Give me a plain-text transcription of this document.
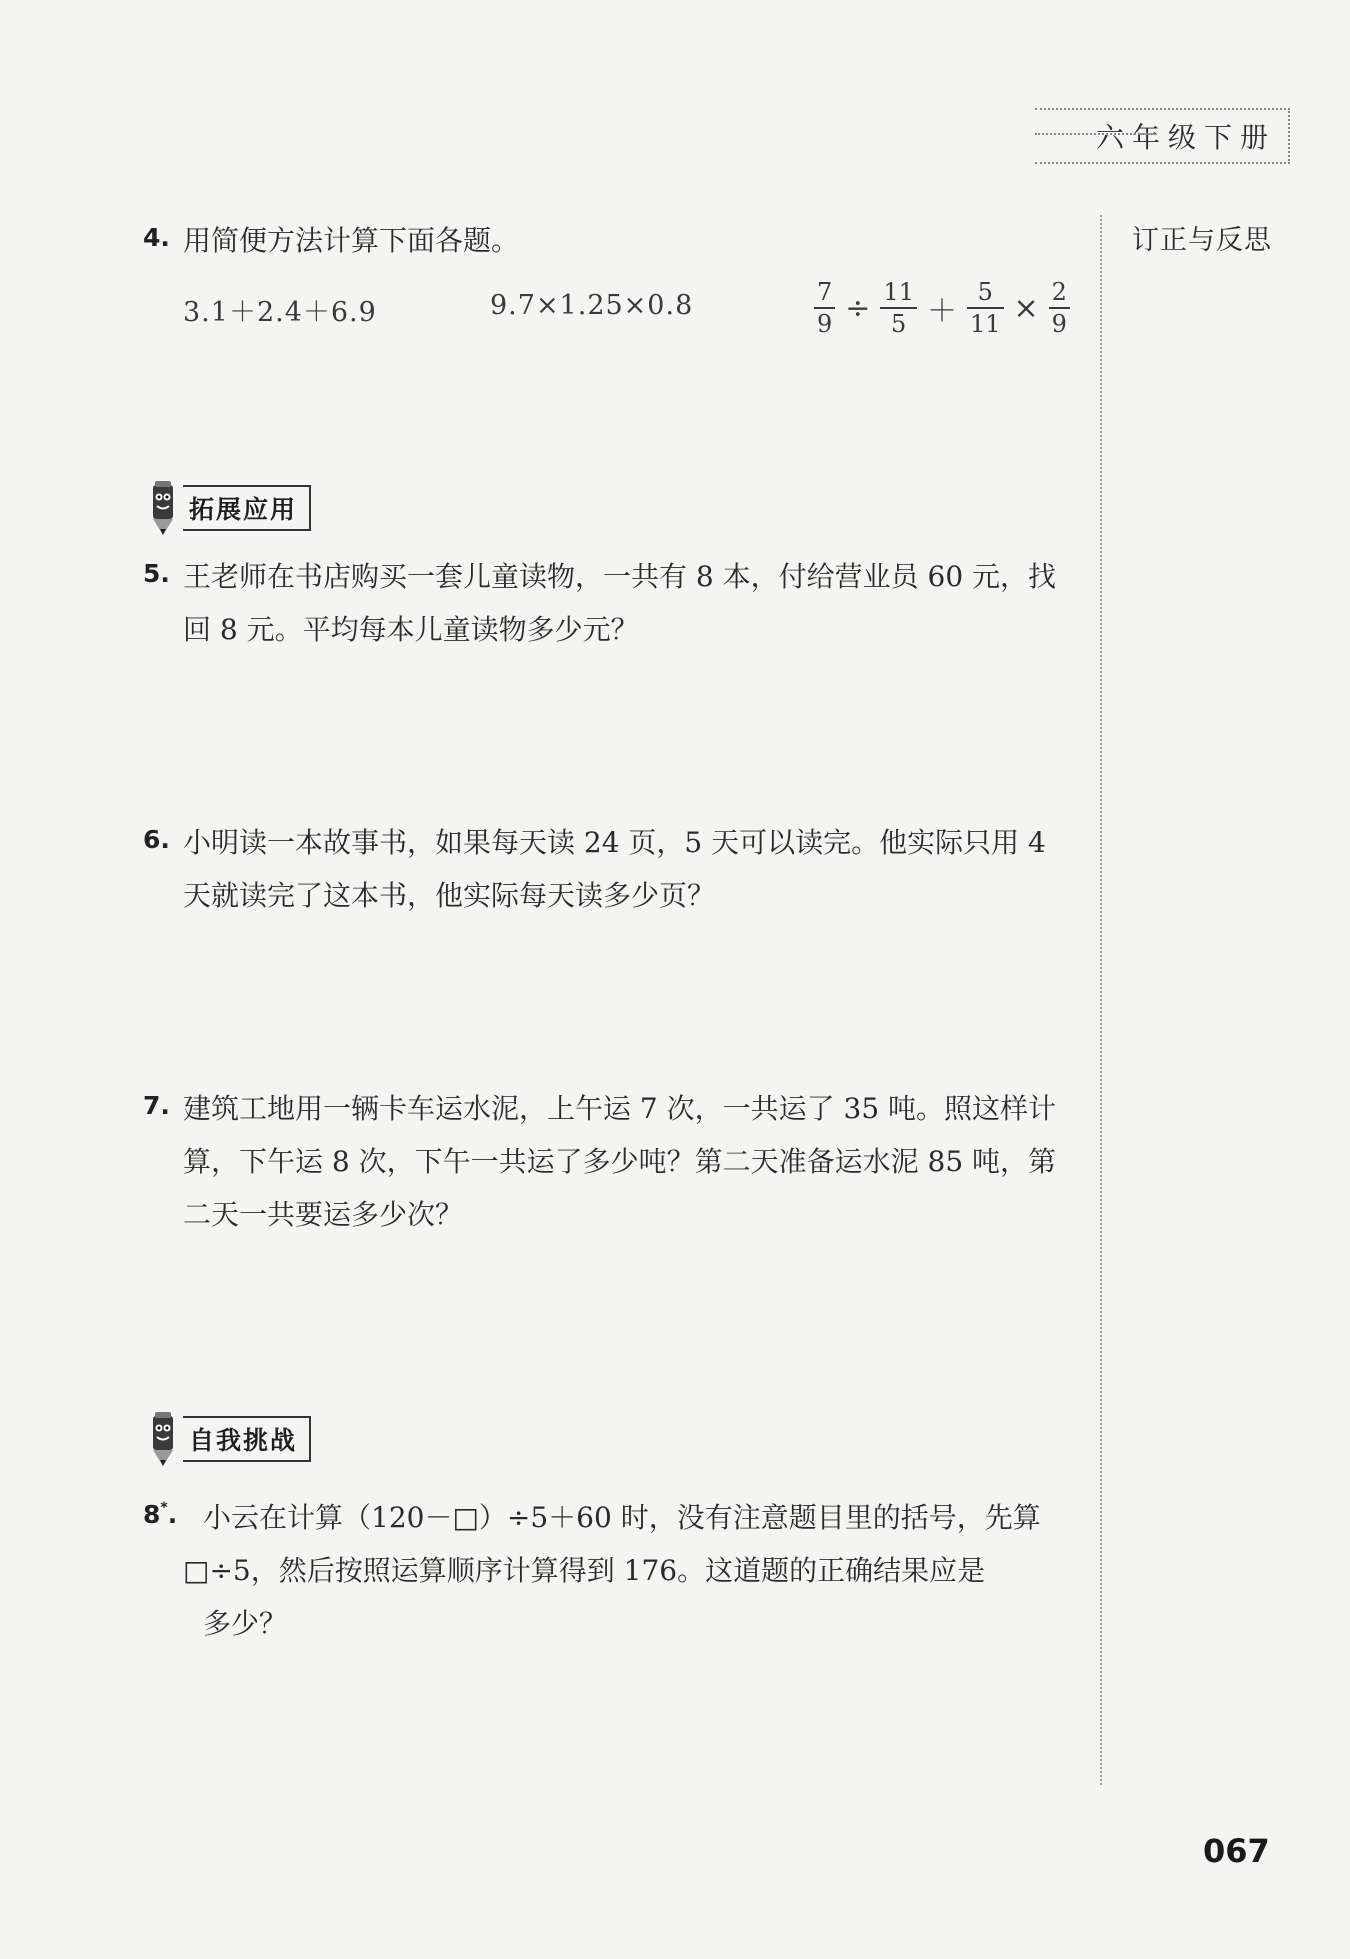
六年级下册
订正与反思
4. 用简便方法计算下面各题。
3.1＋2.4＋6.9	9.7×1.25×0.8	$\frac{7}{9} \div \frac{11}{5} + \frac{5}{11} \times \frac{2}{9}$
拓展应用
5. 王老师在书店购买一套儿童读物，一共有 8 本，付给营业员 60 元，找
回 8 元。平均每本儿童读物多少元？
6. 小明读一本故事书，如果每天读 24 页，5 天可以读完。他实际只用 4
天就读完了这本书，他实际每天读多少页？
7. 建筑工地用一辆卡车运水泥，上午运 7 次，一共运了 35 吨。照这样计
算，下午运 8 次，下午一共运了多少吨？第二天准备运水泥 85 吨，第
二天一共要运多少次？
自我挑战
8*. 小云在计算（120－□）÷5＋60 时，没有注意题目里的括号，先算
□÷5，然后按照运算顺序计算得到 176。这道题的正确结果应是
多少？
067
